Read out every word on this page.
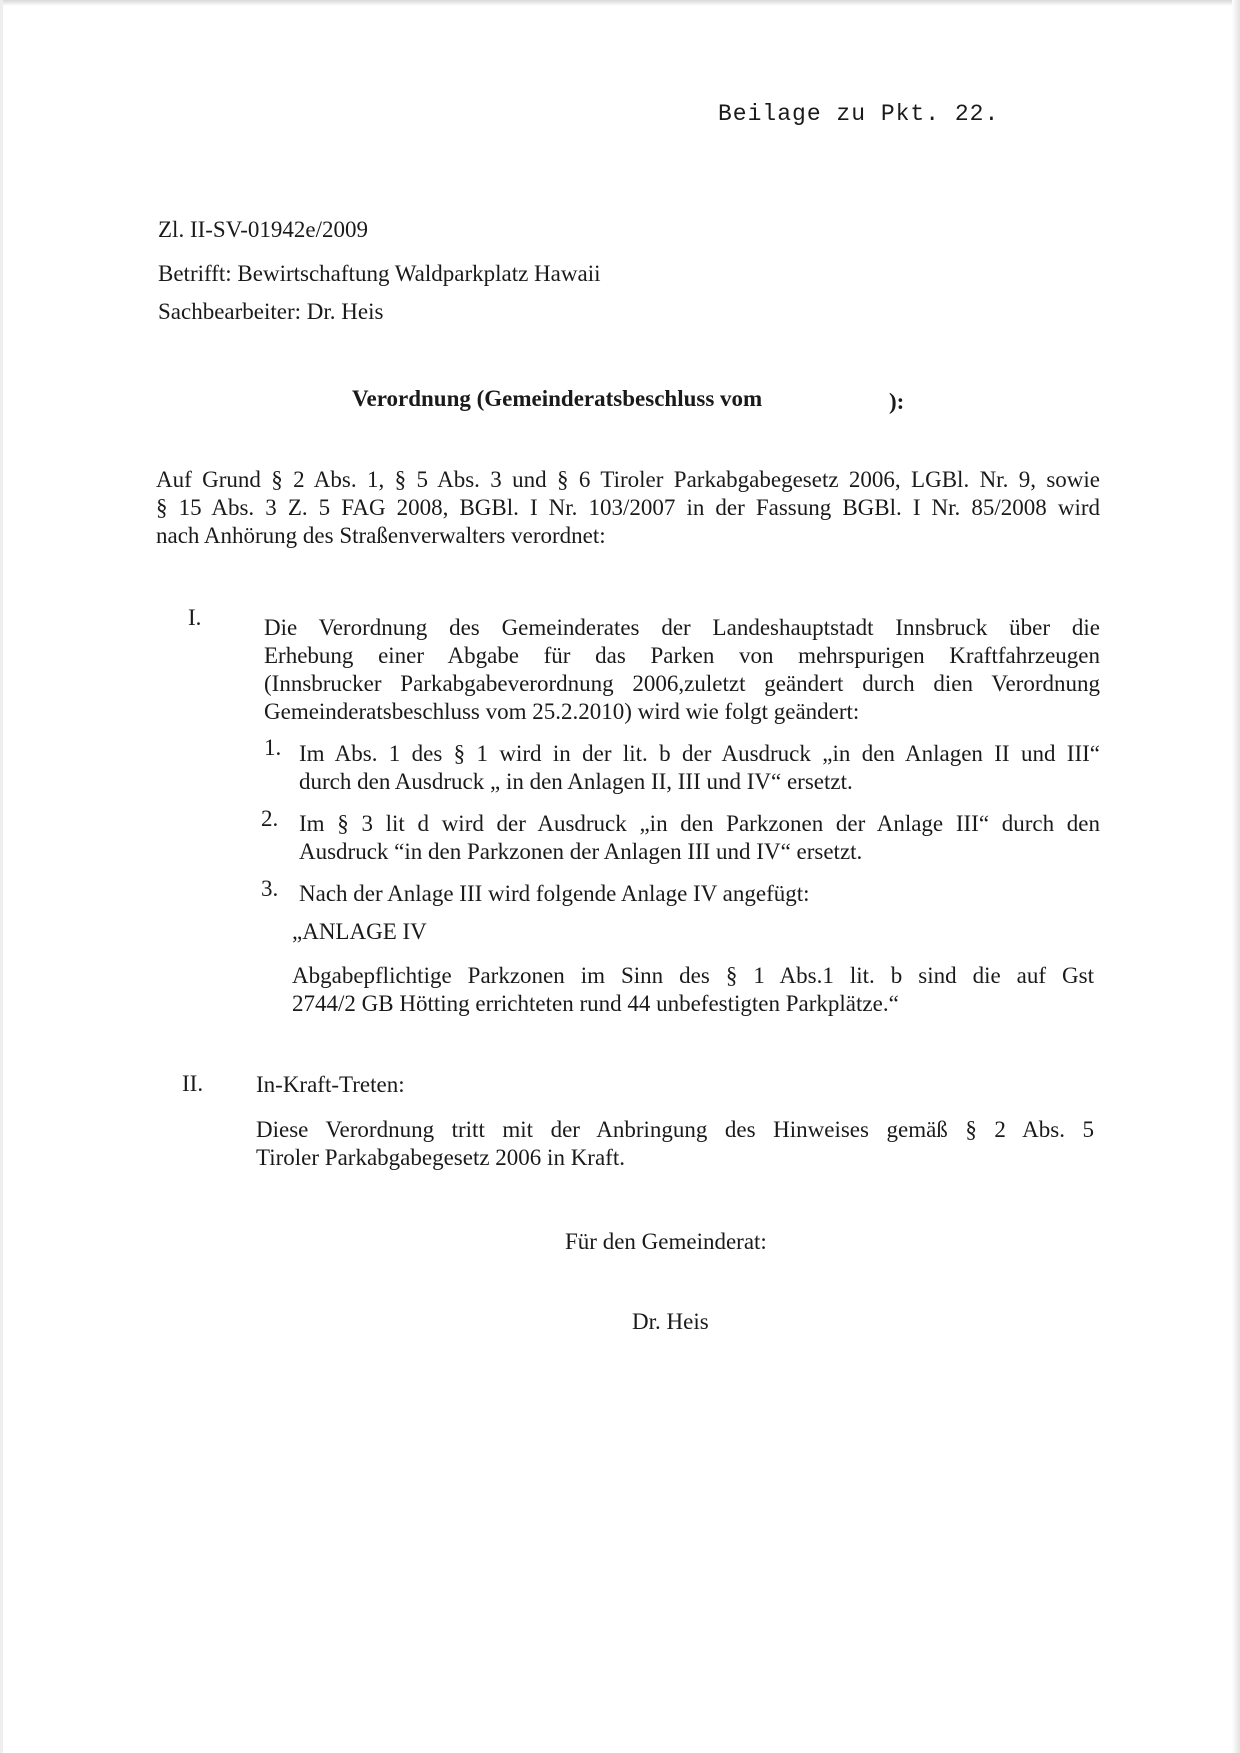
Beilage zu Pkt. 22.
Zl. II-SV-01942e/2009
Betrifft: Bewirtschaftung Waldparkplatz Hawaii
Sachbearbeiter: Dr. Heis
Verordnung (Gemeinderatsbeschluss vom	):
Auf Grund § 2 Abs. 1, § 5 Abs. 3 und § 6 Tiroler Parkabgabegesetz 2006, LGBl. Nr. 9, sowie
§ 15 Abs. 3 Z. 5 FAG 2008, BGBl. I Nr. 103/2007 in der Fassung BGBl. I Nr. 85/2008 wird
nach Anhörung des Straßenverwalters verordnet:
I.	Die Verordnung des Gemeinderates der Landeshauptstadt Innsbruck über die
Erhebung einer Abgabe für das Parken von mehrspurigen Kraftfahrzeugen
(Innsbrucker Parkabgabeverordnung 2006,zuletzt geändert durch dien Verordnung
Gemeinderatsbeschluss vom 25.2.2010) wird wie folgt geändert:
1. Im Abs. 1 des § 1 wird in der lit. b der Ausdruck „in den Anlagen II und III“
durch den Ausdruck „ in den Anlagen II, III und IV“ ersetzt.
2. Im § 3 lit d wird der Ausdruck „in den Parkzonen der Anlage III“ durch den
Ausdruck “in den Parkzonen der Anlagen III und IV“ ersetzt.
3. Nach der Anlage III wird folgende Anlage IV angefügt:
„ANLAGE IV
Abgabepflichtige Parkzonen im Sinn des § 1 Abs.1 lit. b sind die auf Gst
2744/2 GB Hötting errichteten rund 44 unbefestigten Parkplätze.“
II. In-Kraft-Treten:
Diese Verordnung tritt mit der Anbringung des Hinweises gemäß § 2 Abs. 5
Tiroler Parkabgabegesetz 2006 in Kraft.
Für den Gemeinderat:
Dr. Heis
